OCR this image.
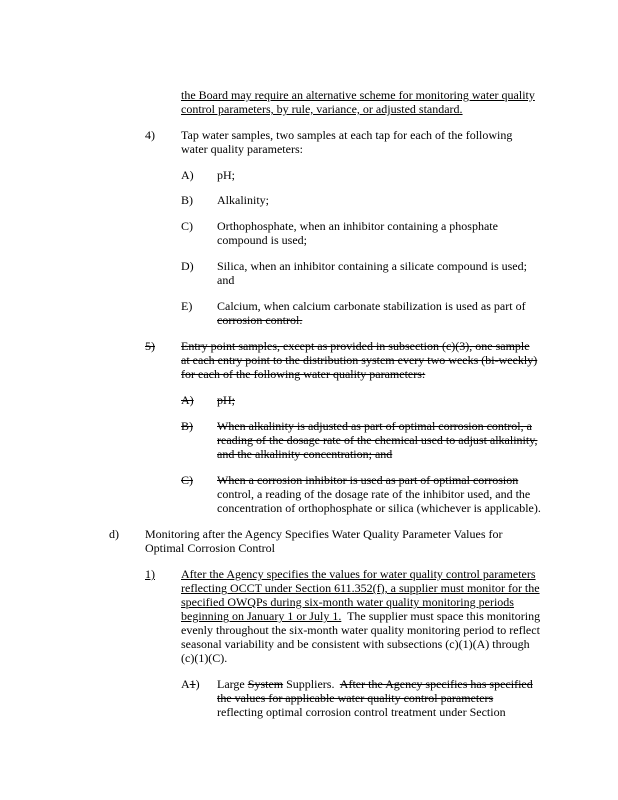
the Board may require an alternative scheme for monitoring water quality

control parameters, by rule, variance, or adjusted standard.

4) Tap water samples, two samples at each tap for each of the following

water quality parameters:

A) pH;
B) Alkalinity;
C) Orthophosphate, when an inhibitor containing a phosphate

compound is used;

D) Silica, when an inhibitor containing a silicate compound is used;

and

E) Calcium, when calcium carbonate stabilization is used as part of

corrosion control.

5) Entry point samples, except as provided in subsection (c)(3), one sample

at each entry point to the distribution system every two weeks (bi-weekly)

for each of the following water quality parameters:

A) pH;
B) When alkalinity is adjusted as part of optimal corrosion control, a

reading of the dosage rate of the chemical used to adjust alkalinity,

and the alkalinity concentration; and

C) When a corrosion inhibitor is used as part of optimal corrosion

control, a reading of the dosage rate of the inhibitor used, and the

concentration of orthophosphate or silica (whichever is applicable).

d) Monitoring after the Agency Specifies Water Quality Parameter Values for

Optimal Corrosion Control

1) After the Agency specifies the values for water quality control parameters

reflecting OCCT under Section 611.352(f), a supplier must monitor for the

specified OWQPs during six-month water quality monitoring periods

beginning on January 1 or July 1.  The supplier must space this monitoring

evenly throughout the six-month water quality monitoring period to reflect

seasonal variability and be consistent with subsections (c)(1)(A) through

(c)(1)(C).

A1) Large System Suppliers. After the Agency specifies has specified

the values for applicable water quality control parameters

reflecting optimal corrosion control treatment under Section
